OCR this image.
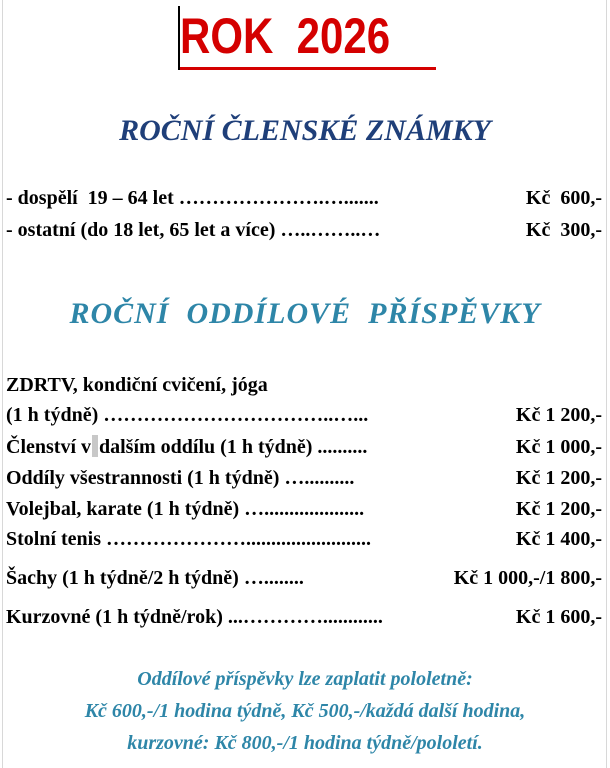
ROK  2026
ROČNÍ ČLENSKÉ ZNÁMKY
- dospělí  19 – 64 let ………………….….......	Kč  600,-
- ostatní (do 18 let, 65 let a více) …..……..…	Kč  300,-
ROČNÍ  ODDÍLOVÉ  PŘÍSPĚVKY
ZDRTV, kondiční cvičení, jóga
(1 h týdně) ……………………………..…...	Kč 1 200,-
Členství v dalším oddílu (1 h týdně) ..........	Kč 1 000,-
Oddíly všestrannosti (1 h týdně) …..........	Kč 1 200,-
Volejbal, karate (1 h týdně) …....................	Kč 1 200,-
Stolní tenis ………………….........................	Kč 1 400,-
Šachy (1 h týdně/2 h týdně) …........	Kč 1 000,-/1 800,-
Kurzovné (1 h týdně/rok) ...…………............	Kč 1 600,-
Oddílové příspěvky lze zaplatit pololetně:
Kč 600,-/1 hodina týdně, Kč 500,-/každá další hodina,
kurzovné: Kč 800,-/1 hodina týdně/pololetí.
